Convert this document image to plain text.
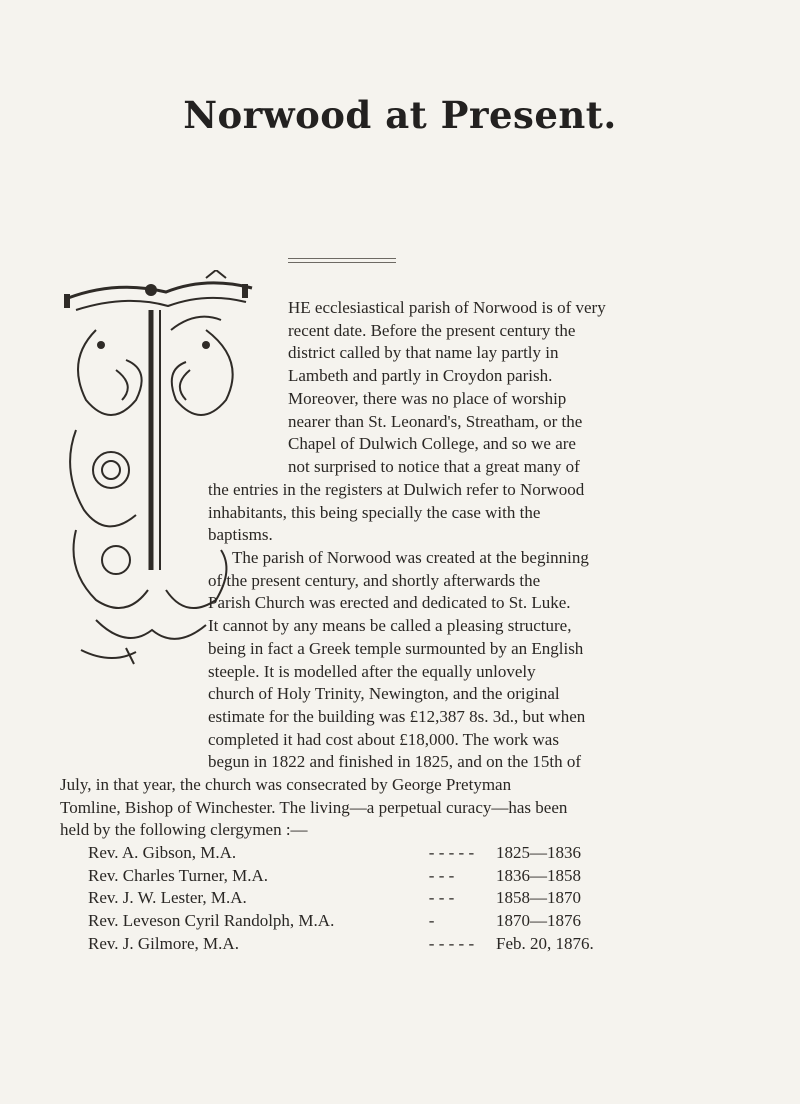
Norwood at Present.
HE ecclesiastical parish of Norwood is of very
recent date. Before the present century the
district called by that name lay partly in
Lambeth and partly in Croydon parish.
Moreover, there was no place of worship
nearer than St. Leonard's, Streatham, or the
Chapel of Dulwich College, and so we are
not surprised to notice that a great many of
the entries in the registers at Dulwich refer to Norwood
inhabitants, this being specially the case with the
baptisms.
The parish of Norwood was created at the beginning
of the present century, and shortly afterwards the
Parish Church was erected and dedicated to St. Luke.
It cannot by any means be called a pleasing structure,
being in fact a Greek temple surmounted by an English
steeple. It is modelled after the equally unlovely
church of Holy Trinity, Newington, and the original
estimate for the building was £12,387 8s. 3d., but when
completed it had cost about £18,000. The work was
begun in 1822 and finished in 1825, and on the 15th of
July, in that year, the church was consecrated by George Pretyman
Tomline, Bishop of Winchester. The living—a perpetual curacy—has been
held by the following clergymen :—
Rev. A. Gibson, M.A.	- - - - -	1825—1836
Rev. Charles Turner, M.A.	- - -	1836—1858
Rev. J. W. Lester, M.A.	- - -	1858—1870
Rev. Leveson Cyril Randolph, M.A.	-	1870—1876
Rev. J. Gilmore, M.A.	- - - - -	Feb. 20, 1876.
